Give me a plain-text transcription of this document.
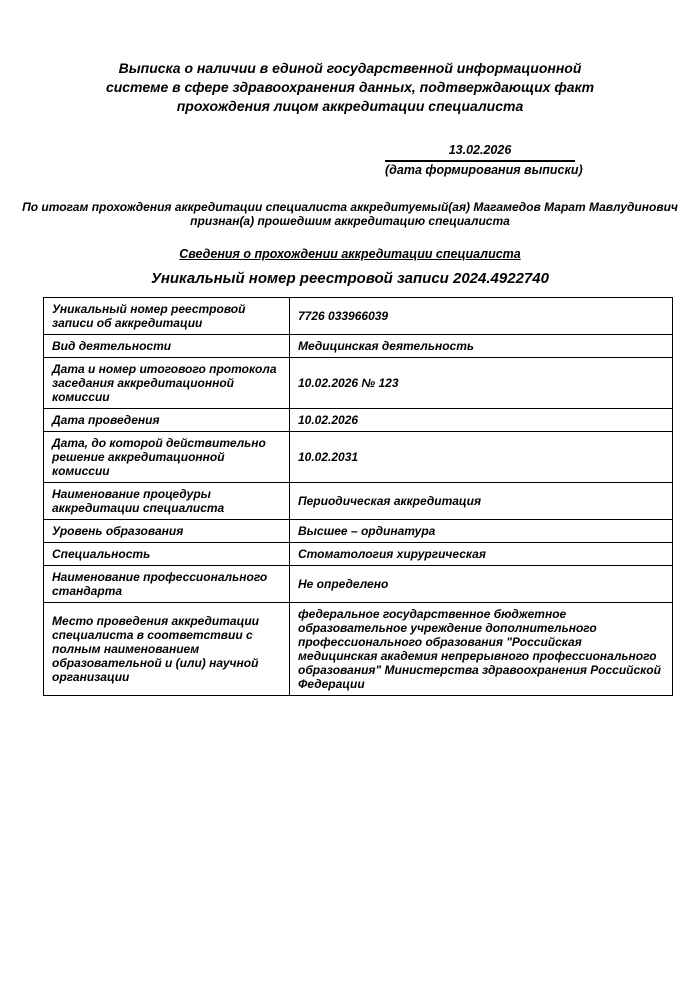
Выписка о наличии в единой государственной информационной
системе в сфере здравоохранения данных, подтверждающих факт
прохождения лицом аккредитации специалиста
13.02.2026
(дата формирования выписки)
По итогам прохождения аккредитации специалиста аккредитуемый(ая) Магамедов Марат Мавлудинович
признан(а) прошедшим аккредитацию специалиста
Сведения о прохождении аккредитации специалиста
Уникальный номер реестровой записи 2024.4922740
Уникальный номер реестровой записи об аккредитации	7726 033966039
Вид деятельности	Медицинская деятельность
Дата и номер итогового протокола заседания аккредитационной комиссии	10.02.2026 № 123
Дата проведения	10.02.2026
Дата, до которой действительно решение аккредитационной комиссии	10.02.2031
Наименование процедуры аккредитации специалиста	Периодическая аккредитация
Уровень образования	Высшее – ординатура
Специальность	Стоматология хирургическая
Наименование профессионального стандарта	Не определено
Место проведения аккредитации специалиста в соответствии с полным наименованием образовательной и (или) научной организации	федеральное государственное бюджетное образовательное учреждение дополнительного профессионального образования "Российская медицинская академия непрерывного профессионального образования" Министерства здравоохранения Российской Федерации
